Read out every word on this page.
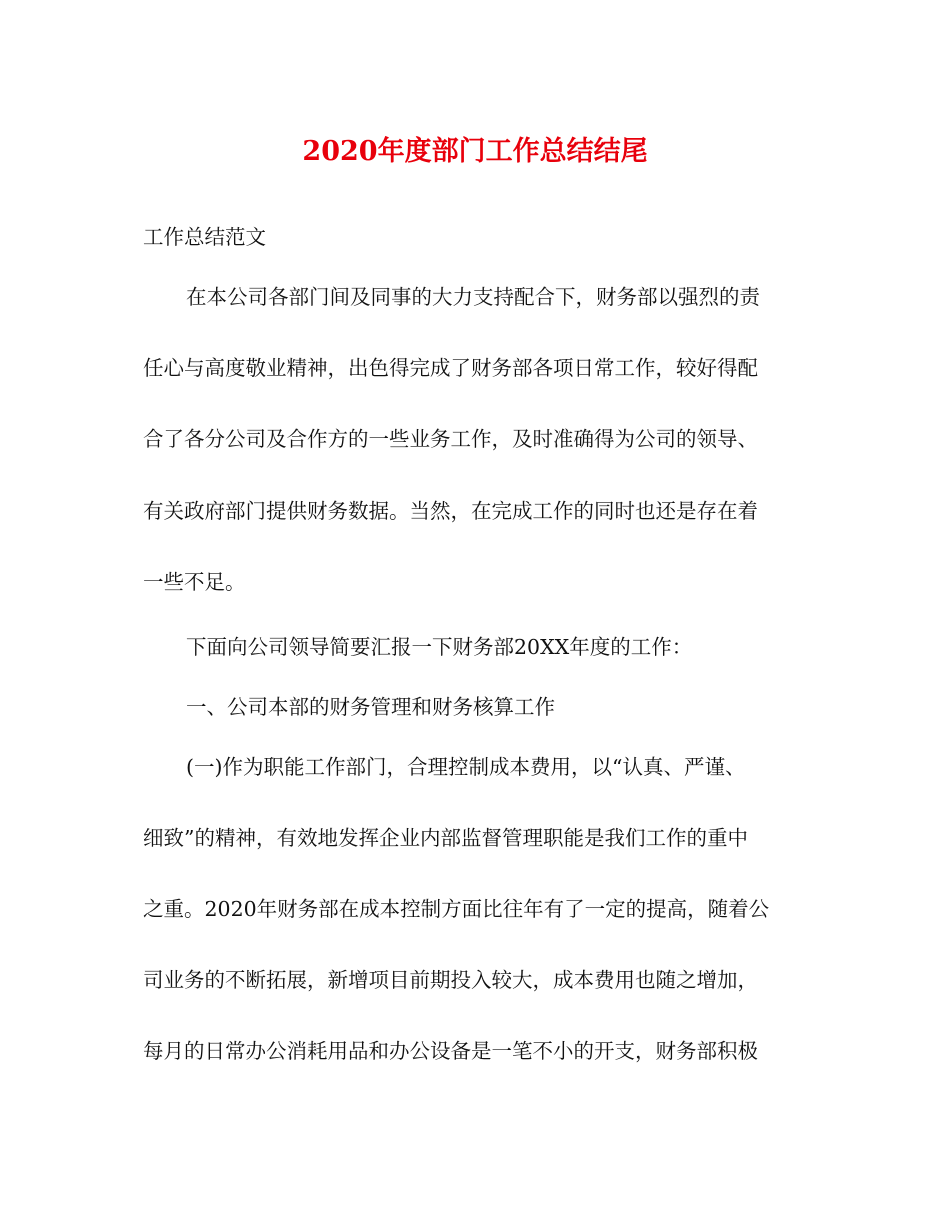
2020年度部门工作总结结尾

工作总结范文

在本公司各部门间及同事的大力支持配合下，财务部以强烈的责

任心与高度敬业精神，出色得完成了财务部各项日常工作，较好得配

合了各分公司及合作方的一些业务工作，及时准确得为公司的领导、

有关政府部门提供财务数据。当然，在完成工作的同时也还是存在着

一些不足。

下面向公司领导简要汇报一下财务部20XX年度的工作：

一、公司本部的财务管理和财务核算工作

(一)作为职能工作部门，合理控制成本费用，以“认真、严谨、

细致”的精神，有效地发挥企业内部监督管理职能是我们工作的重中

之重。2020年财务部在成本控制方面比往年有了一定的提高，随着公

司业务的不断拓展，新增项目前期投入较大，成本费用也随之增加，

每月的日常办公消耗用品和办公设备是一笔不小的开支，财务部积极
